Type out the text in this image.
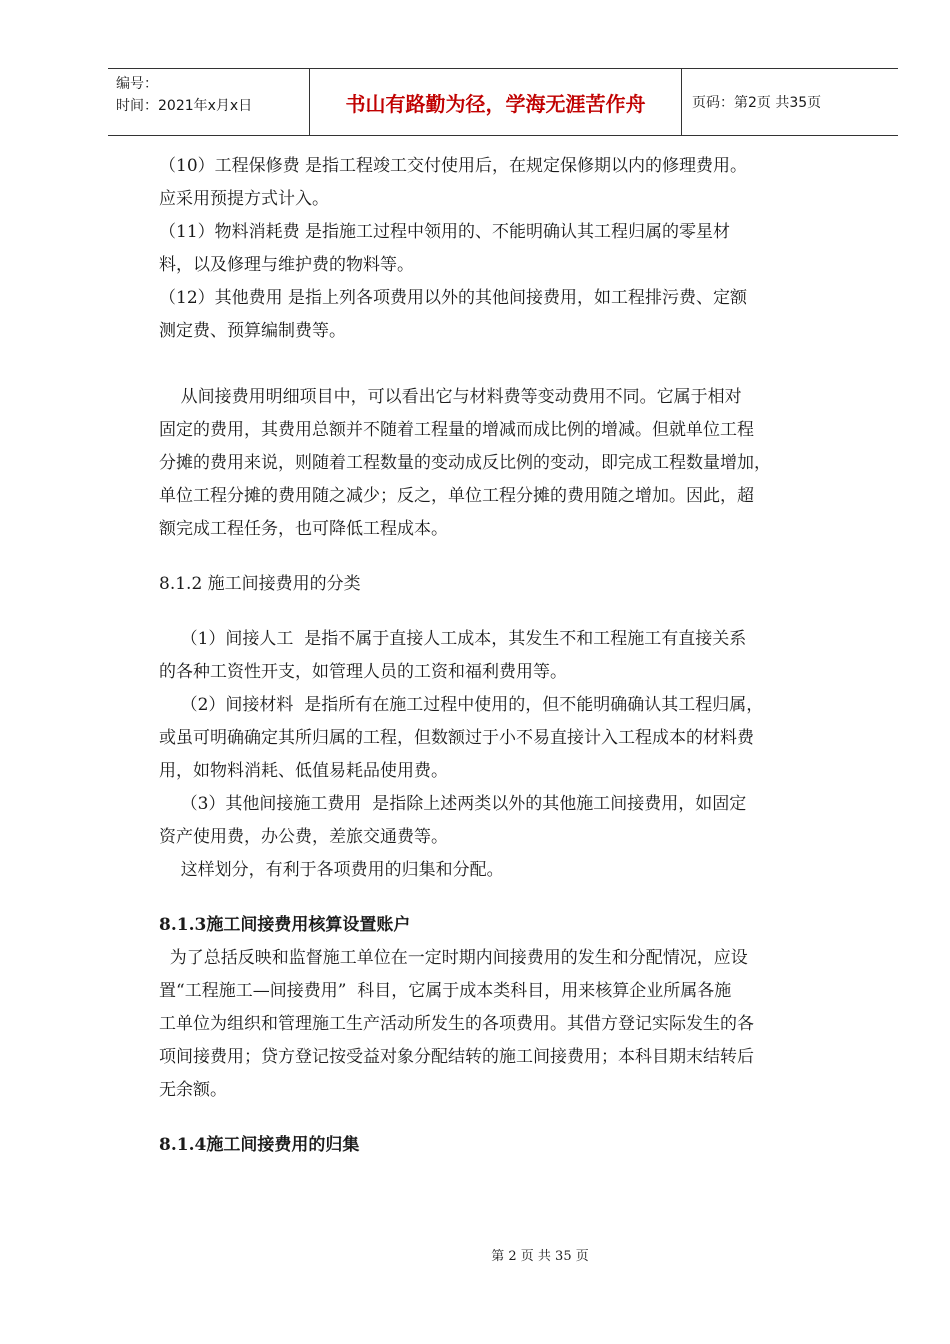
编号：
时间：2021年x月x日	书山有路勤为径，学海无涯苦作舟	页码：第2页 共35页

（10）工程保修费 是指工程竣工交付使用后，在规定保修期以内的修理费用。

应采用预提方式计入。

（11）物料消耗费 是指施工过程中领用的、不能明确认其工程归属的零星材

料，以及修理与维护费的物料等。

（12）其他费用 是指上列各项费用以外的其他间接费用，如工程排污费、定额

测定费、预算编制费等。

从间接费用明细项目中，可以看出它与材料费等变动费用不同。它属于相对

固定的费用，其费用总额并不随着工程量的增减而成比例的增减。但就单位工程

分摊的费用来说，则随着工程数量的变动成反比例的变动，即完成工程数量增加，

单位工程分摊的费用随之减少；反之，单位工程分摊的费用随之增加。因此，超

额完成工程任务，也可降低工程成本。

8.1.2 施工间接费用的分类

（1）间接人工  是指不属于直接人工成本，其发生不和工程施工有直接关系

的各种工资性开支，如管理人员的工资和福利费用等。

（2）间接材料  是指所有在施工过程中使用的，但不能明确确认其工程归属，

或虽可明确确定其所归属的工程，但数额过于小不易直接计入工程成本的材料费

用，如物料消耗、低值易耗品使用费。

（3）其他间接施工费用  是指除上述两类以外的其他施工间接费用，如固定

资产使用费，办公费，差旅交通费等。

这样划分，有利于各项费用的归集和分配。

8.1.3施工间接费用核算设置账户

为了总括反映和监督施工单位在一定时期内间接费用的发生和分配情况，应设

置“工程施工—间接费用”  科目，它属于成本类科目，用来核算企业所属各施

工单位为组织和管理施工生产活动所发生的各项费用。其借方登记实际发生的各

项间接费用；贷方登记按受益对象分配结转的施工间接费用；本科目期末结转后

无余额。

8.1.4施工间接费用的归集

第 2 页 共 35 页
